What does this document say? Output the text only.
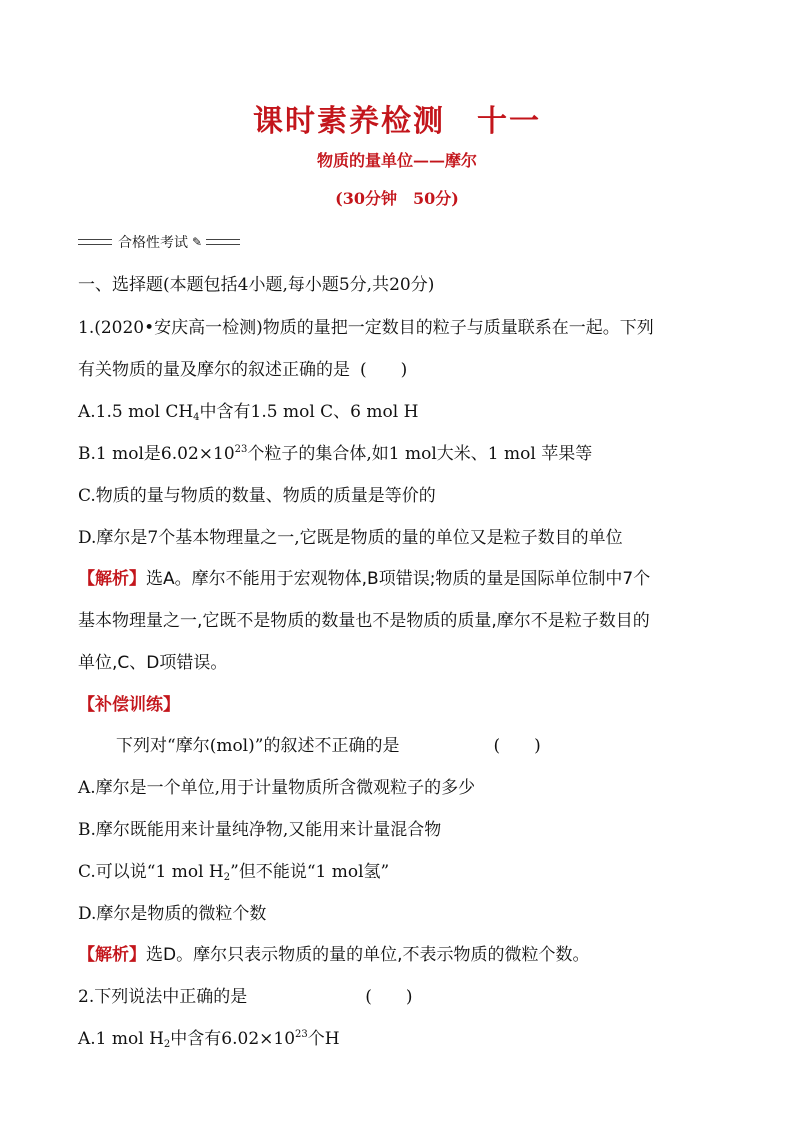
课时素养检测　十一
物质的量单位——摩尔
(30分钟　50分)
合格性考试 ✎
一、选择题(本题包括4小题,每小题5分,共20分)
1.(2020•安庆高一检测)物质的量把一定数目的粒子与质量联系在一起。下列
有关物质的量及摩尔的叙述正确的是 (　　)
A.1.5 mol $CH_4$中含有1.5 mol C、6 mol H
B.1 mol是$6.02\times 10^{23}$个粒子的集合体,如1 mol大米、1 mol 苹果等
C.物质的量与物质的数量、物质的质量是等价的
D.摩尔是7个基本物理量之一,它既是物质的量的单位又是粒子数目的单位
【解析】选A。摩尔不能用于宏观物体,B项错误;物质的量是国际单位制中7个
基本物理量之一,它既不是物质的数量也不是物质的质量,摩尔不是粒子数目的
单位,C、D项错误。
【补偿训练】
下列对“摩尔(mol)”的叙述不正确的是	(　　)
A.摩尔是一个单位,用于计量物质所含微观粒子的多少
B.摩尔既能用来计量纯净物,又能用来计量混合物
C.可以说“1 mol $H_2$”但不能说“1 mol氢”
D.摩尔是物质的微粒个数
【解析】选D。摩尔只表示物质的量的单位,不表示物质的微粒个数。
2.下列说法中正确的是	(　　)
A.1 mol $H_2$中含有$6.02\times 10^{23}$个H
